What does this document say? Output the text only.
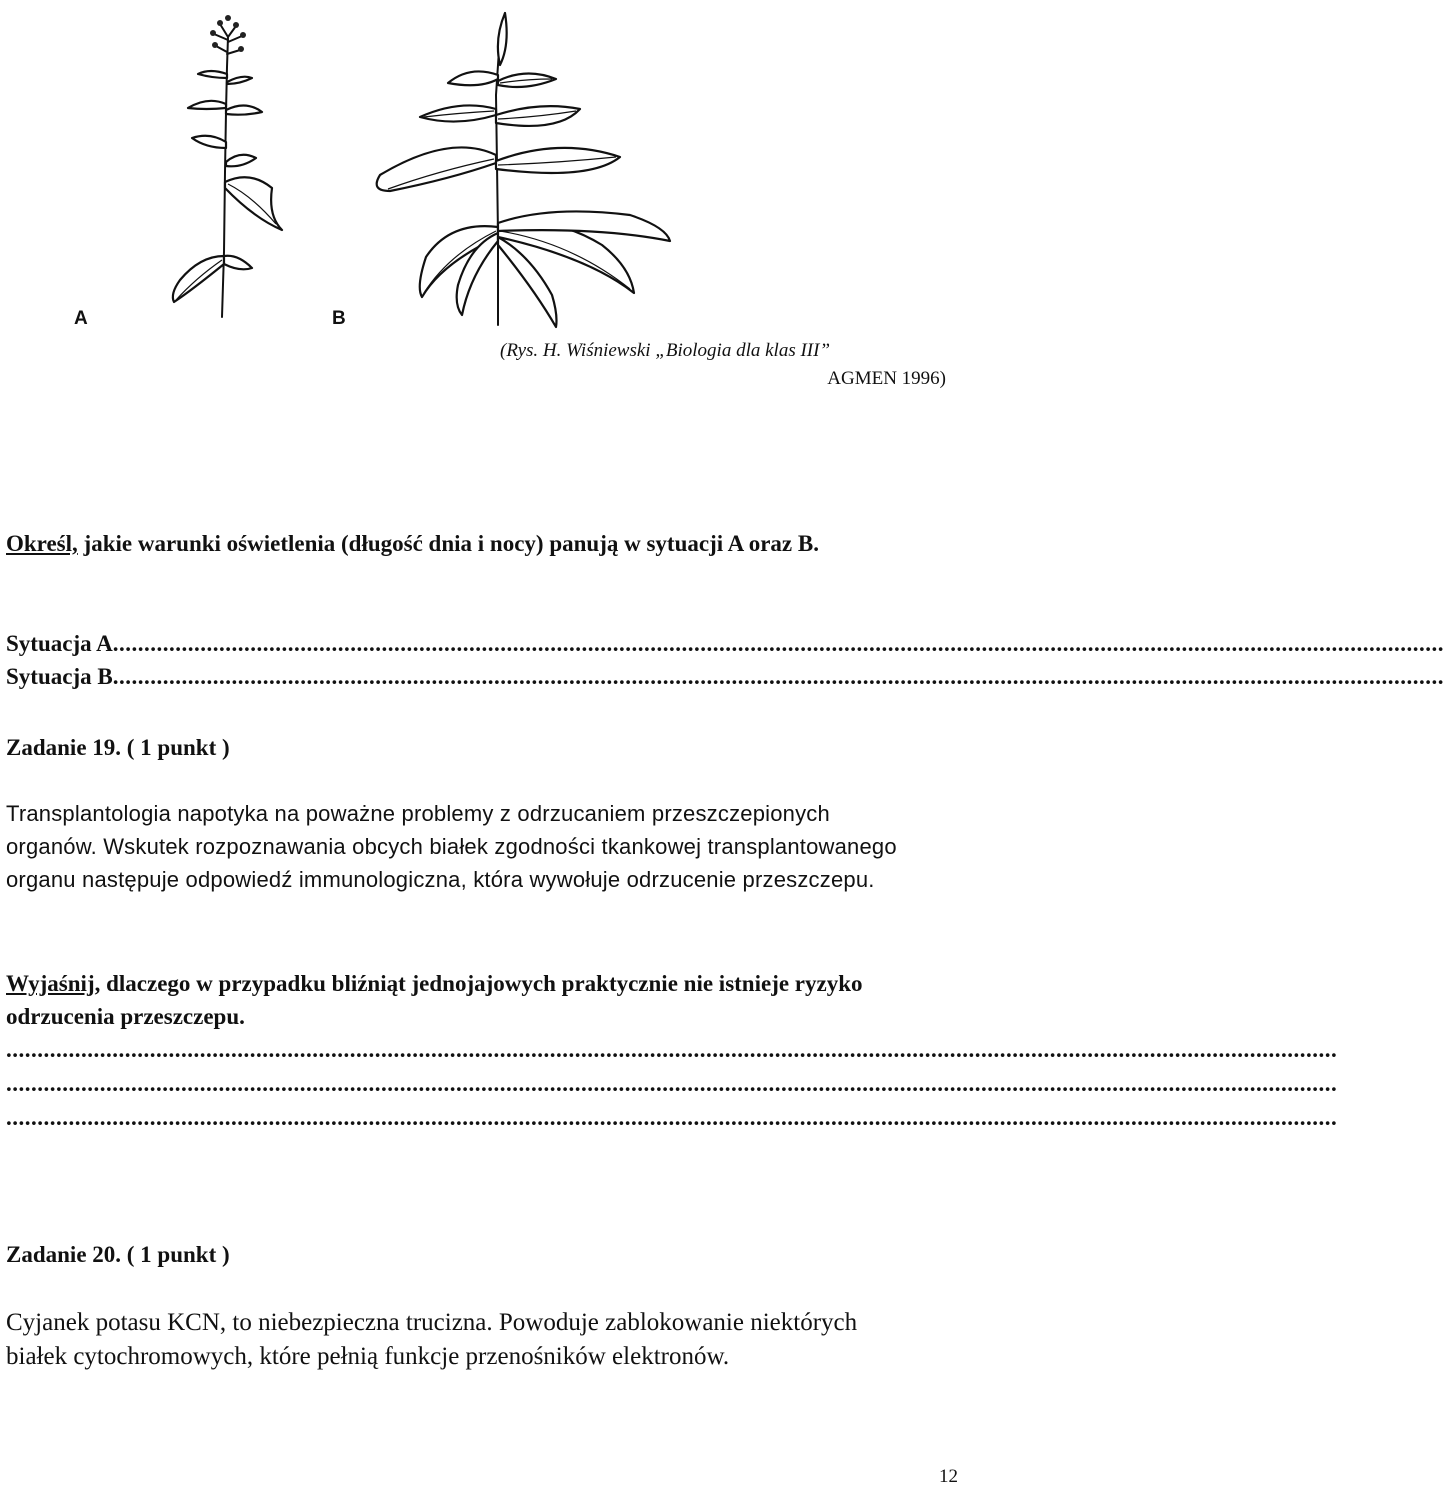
A	B
(Rys. H. Wiśniewski „Biologia dla klas III”
AGMEN 1996)
Określ, jakie warunki oświetlenia (długość dnia i nocy) panują w sytuacji A oraz B.
Sytuacja A .....................................................................................................................................................................................................................
Sytuacja B .....................................................................................................................................................................................................................
Zadanie 19. ( 1 punkt )
Transplantologia napotyka na poważne problemy z odrzucaniem przeszczepionych organów. Wskutek rozpoznawania obcych białek zgodności tkankowej transplantowanego organu następuje odpowiedź immunologiczna, która wywołuje odrzucenie przeszczepu.
Wyjaśnij, dlaczego w przypadku bliźniąt jednojajowych praktycznie nie istnieje ryzyko odrzucenia przeszczepu.
.....................................................................................................................................................................................................................
.....................................................................................................................................................................................................................
.....................................................................................................................................................................................................................
Zadanie 20. ( 1 punkt )
Cyjanek potasu KCN, to niebezpieczna trucizna. Powoduje zablokowanie niektórych białek cytochromowych, które pełnią funkcje przenośników elektronów.
12
